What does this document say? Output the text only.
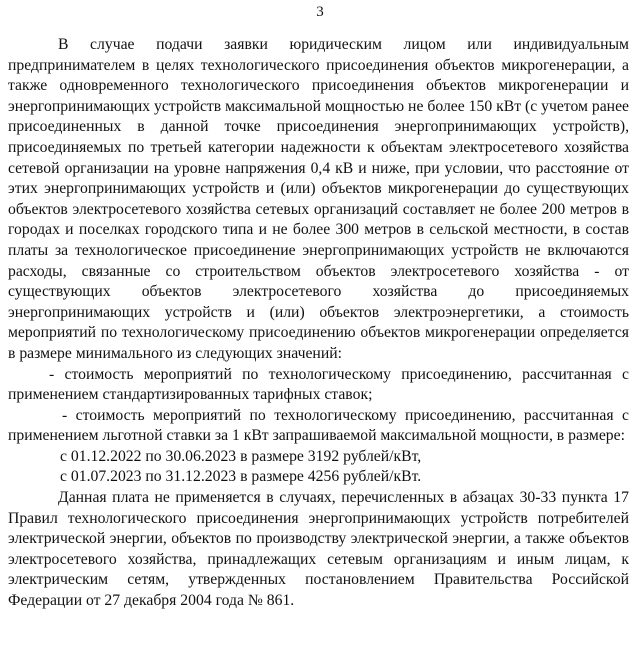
3

В случае подачи заявки юридическим лицом или индивидуальным предпринимателем в целях технологического присоединения объектов микрогенерации, а также одновременного технологического присоединения объектов микрогенерации и энергопринимающих устройств максимальной мощностью не более 150 кВт (с учетом ранее присоединенных в данной точке присоединения энергопринимающих устройств), присоединяемых по третьей категории надежности к объектам электросетевого хозяйства сетевой организации на уровне напряжения 0,4 кВ и ниже, при условии, что расстояние от этих энергопринимающих устройств и (или) объектов микрогенерации до существующих объектов электросетевого хозяйства сетевых организаций составляет не более 200 метров в городах и поселках городского типа и не более 300 метров в сельской местности, в состав платы за технологическое присоединение энергопринимающих устройств не включаются расходы, связанные со строительством объектов электросетевого хозяйства - от существующих объектов электросетевого хозяйства до присоединяемых энергопринимающих устройств и (или) объектов электроэнергетики, а стоимость мероприятий по технологическому присоединению объектов микрогенерации определяется в размере минимального из следующих значений:

- стоимость мероприятий по технологическому присоединению, рассчитанная с применением стандартизированных тарифных ставок;

- стоимость мероприятий по технологическому присоединению, рассчитанная с применением льготной ставки за 1 кВт запрашиваемой максимальной мощности, в размере:

с 01.12.2022 по 30.06.2023 в размере 3192 рублей/кВт,

с 01.07.2023 по 31.12.2023 в размере 4256 рублей/кВт.

Данная плата не применяется в случаях, перечисленных в абзацах 30-33 пункта 17 Правил технологического присоединения энергопринимающих устройств потребителей электрической энергии, объектов по производству электрической энергии, а также объектов электросетевого хозяйства, принадлежащих сетевым организациям и иным лицам, к электрическим сетям, утвержденных постановлением Правительства Российской Федерации от 27 декабря 2004 года № 861.
